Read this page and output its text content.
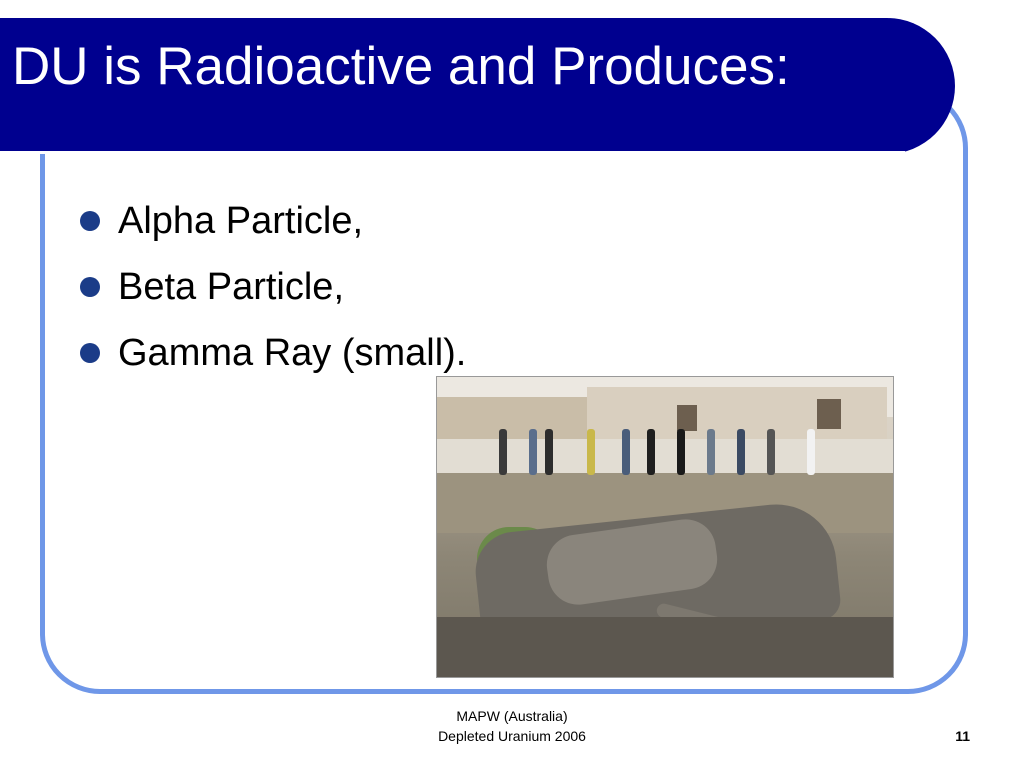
DU is Radioactive and Produces:
Alpha Particle,
Beta Particle,
Gamma Ray (small).
MAPW (Australia)
Depleted Uranium 2006	11
